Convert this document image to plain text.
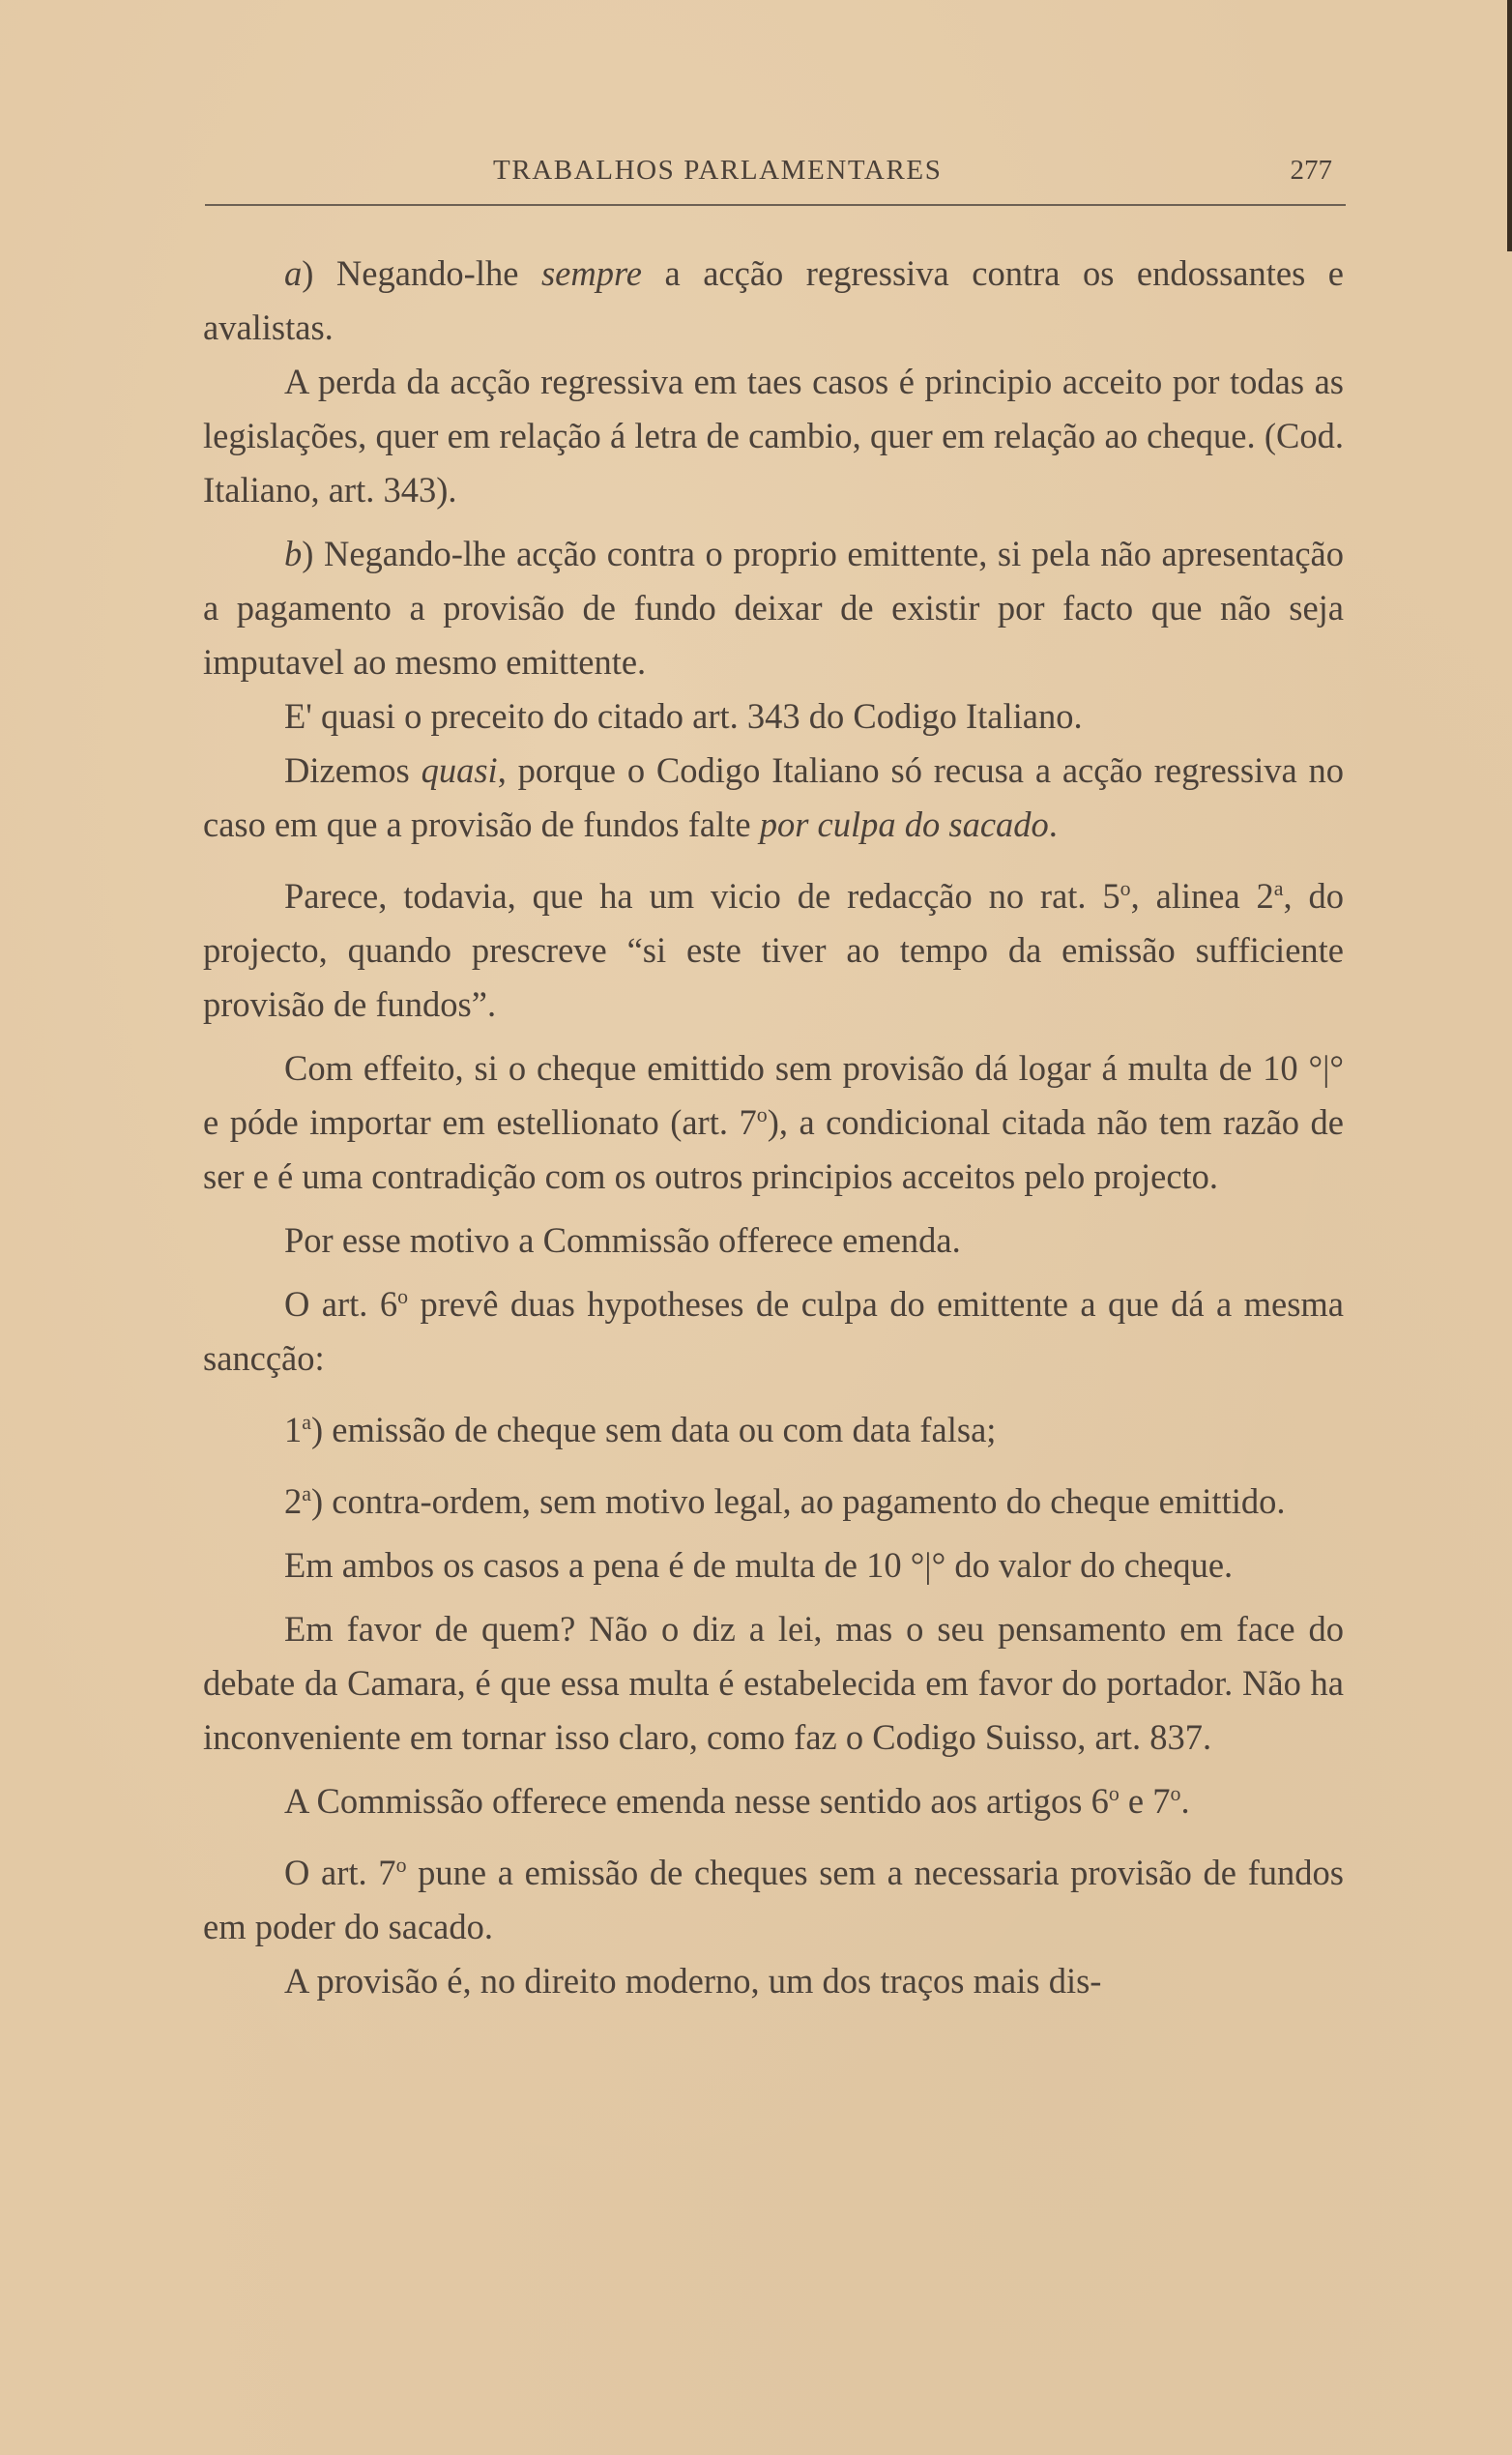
TRABALHOS PARLAMENTARES	277

a) Negando-lhe sempre a acção regressiva contra os endossantes e avalistas.

A perda da acção regressiva em taes casos é principio acceito por todas as legislações, quer em relação á letra de cambio, quer em relação ao cheque. (Cod. Italiano, art. 343).

b) Negando-lhe acção contra o proprio emittente, si pela não apresentação a pagamento a provisão de fundo deixar de existir por facto que não seja imputavel ao mesmo emittente.

E' quasi o preceito do citado art. 343 do Codigo Italiano.

Dizemos quasi, porque o Codigo Italiano só recusa a acção regressiva no caso em que a provisão de fundos falte por culpa do sacado.

Parece, todavia, que ha um vicio de redacção no rat. 5$^o$, alinea 2$^a$, do projecto, quando prescreve “si este tiver ao tempo da emissão sufficiente provisão de fundos”.

Com effeito, si o cheque emittido sem provisão dá logar á multa de 10 °|° e póde importar em estellionato (art. 7$^o$), a condicional citada não tem razão de ser e é uma contradição com os outros principios acceitos pelo projecto.

Por esse motivo a Commissão offerece emenda.

O art. 6$^o$ prevê duas hypotheses de culpa do emittente a que dá a mesma sancção:

1$^a$) emissão de cheque sem data ou com data falsa;

2$^a$) contra-ordem, sem motivo legal, ao pagamento do cheque emittido.

Em ambos os casos a pena é de multa de 10 °|° do valor do cheque.

Em favor de quem? Não o diz a lei, mas o seu pensamento em face do debate da Camara, é que essa multa é estabelecida em favor do portador. Não ha inconveniente em tornar isso claro, como faz o Codigo Suisso, art. 837.

A Commissão offerece emenda nesse sentido aos artigos 6$^o$ e 7$^o$.

O art. 7$^o$ pune a emissão de cheques sem a necessaria provisão de fundos em poder do sacado.

A provisão é, no direito moderno, um dos traços mais dis-
